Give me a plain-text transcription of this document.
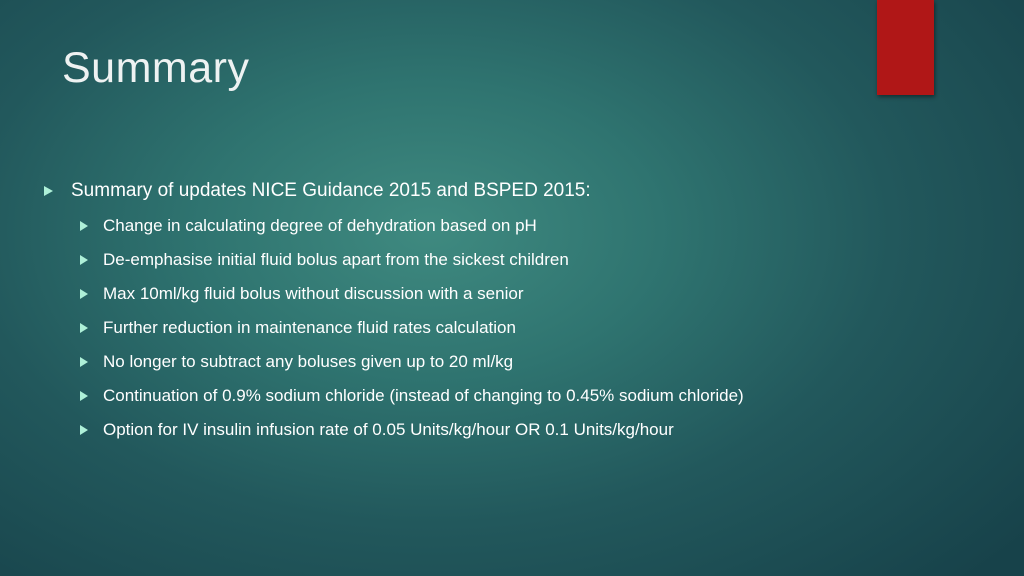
Summary
Summary of updates NICE Guidance 2015 and BSPED 2015:
Change in calculating degree of dehydration based on pH
De-emphasise initial fluid bolus apart from the sickest children
Max 10ml/kg fluid bolus without discussion with a senior
Further reduction in maintenance fluid rates calculation
No longer to subtract any boluses given up to 20 ml/kg
Continuation of 0.9% sodium chloride (instead of changing to 0.45% sodium chloride)
Option for IV insulin infusion rate of 0.05 Units/kg/hour OR 0.1 Units/kg/hour
